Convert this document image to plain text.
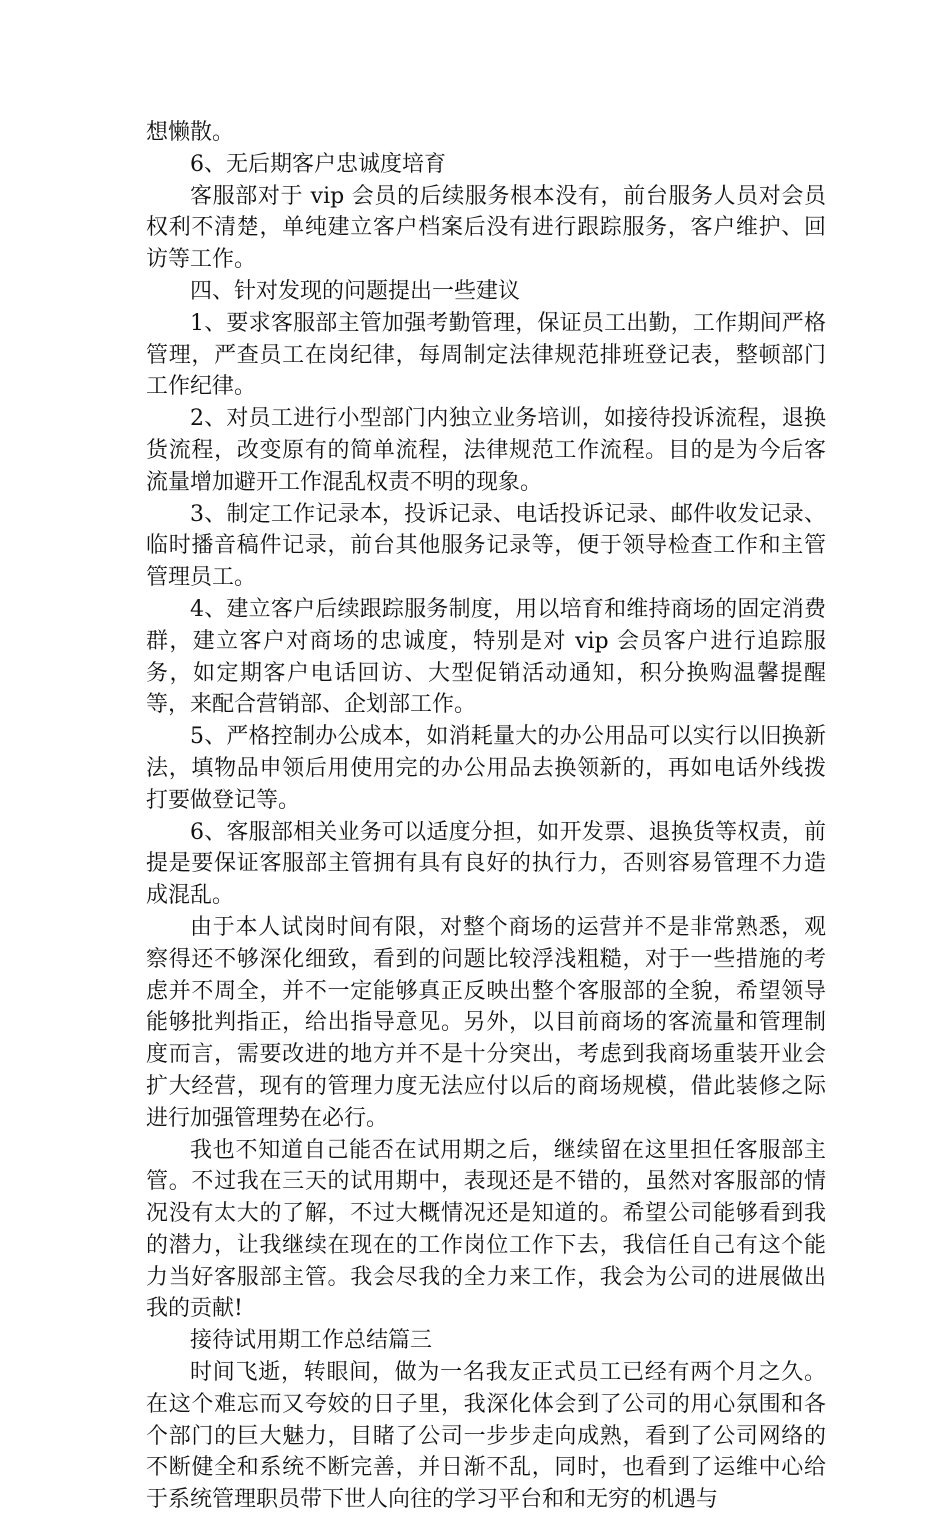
想懒散。

6、无后期客户忠诚度培育

客服部对于 vip 会员的后续服务根本没有，前台服务人员对会员权利不清楚，单纯建立客户档案后没有进行跟踪服务，客户维护、回访等工作。

四、针对发现的问题提出一些建议

1、要求客服部主管加强考勤管理，保证员工出勤，工作期间严格管理，严查员工在岗纪律，每周制定法律规范排班登记表，整顿部门工作纪律。

2、对员工进行小型部门内独立业务培训，如接待投诉流程，退换货流程，改变原有的简单流程，法律规范工作流程。目的是为今后客流量增加避开工作混乱权责不明的现象。

3、制定工作记录本，投诉记录、电话投诉记录、邮件收发记录、临时播音稿件记录，前台其他服务记录等，便于领导检查工作和主管管理员工。

4、建立客户后续跟踪服务制度，用以培育和维持商场的固定消费群，建立客户对商场的忠诚度，特别是对 vip 会员客户进行追踪服务，如定期客户电话回访、大型促销活动通知，积分换购温馨提醒等，来配合营销部、企划部工作。

5、严格控制办公成本，如消耗量大的办公用品可以实行以旧换新法，填物品申领后用使用完的办公用品去换领新的，再如电话外线拨打要做登记等。

6、客服部相关业务可以适度分担，如开发票、退换货等权责，前提是要保证客服部主管拥有具有良好的执行力，否则容易管理不力造成混乱。

由于本人试岗时间有限，对整个商场的运营并不是非常熟悉，观察得还不够深化细致，看到的问题比较浮浅粗糙，对于一些措施的考虑并不周全，并不一定能够真正反映出整个客服部的全貌，希望领导能够批判指正，给出指导意见。另外，以目前商场的客流量和管理制度而言，需要改进的地方并不是十分突出，考虑到我商场重装开业会扩大经营，现有的管理力度无法应付以后的商场规模，借此装修之际进行加强管理势在必行。

我也不知道自己能否在试用期之后，继续留在这里担任客服部主管。不过我在三天的试用期中，表现还是不错的，虽然对客服部的情况没有太大的了解，不过大概情况还是知道的。希望公司能够看到我的潜力，让我继续在现在的工作岗位工作下去，我信任自己有这个能力当好客服部主管。我会尽我的全力来工作，我会为公司的进展做出我的贡献!

接待试用期工作总结篇三

时间飞逝，转眼间，做为一名我友正式员工已经有两个月之久。在这个难忘而又夸姣的日子里，我深化体会到了公司的用心氛围和各个部门的巨大魅力，目睹了公司一步步走向成熟，看到了公司网络的不断健全和系统不断完善，并日渐不乱，同时，也看到了运维中心给于系统管理职员带下世人向往的学习平台和和无穷的机遇与
